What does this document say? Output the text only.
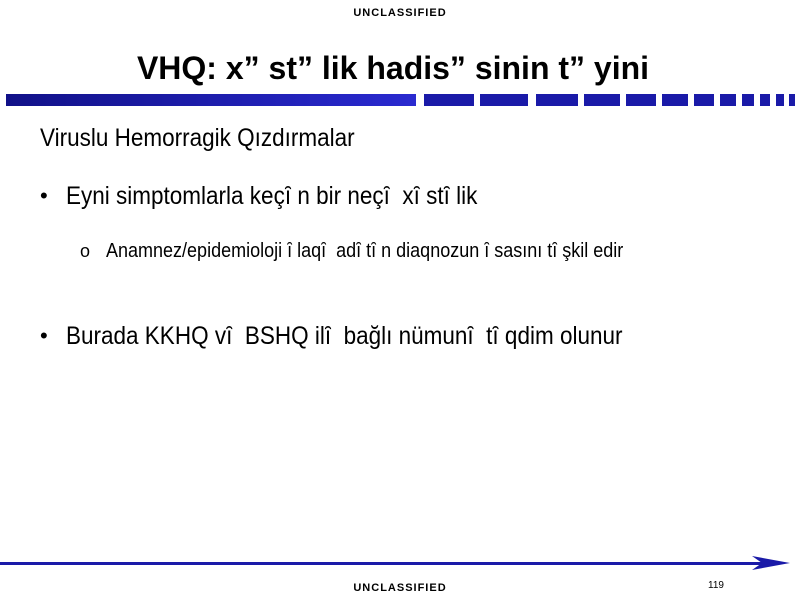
UNCLASSIFIED
VHQ: x” st” lik hadis” sinin t” yini
Viruslu Hemorragik Qızdırmalar
• Eyni simptomlarla keçȋ n bir neçȋ  xȋ stȋ lik
o Anamnez/epidemioloji ȋ laqȋ  adȋ tȋ n diaqnozun ȋ sasını tȋ şkil edir
• Burada KKHQ vȋ  BSHQ ilȋ  bağlı nümunȋ  tȋ qdim olunur
119
UNCLASSIFIED
